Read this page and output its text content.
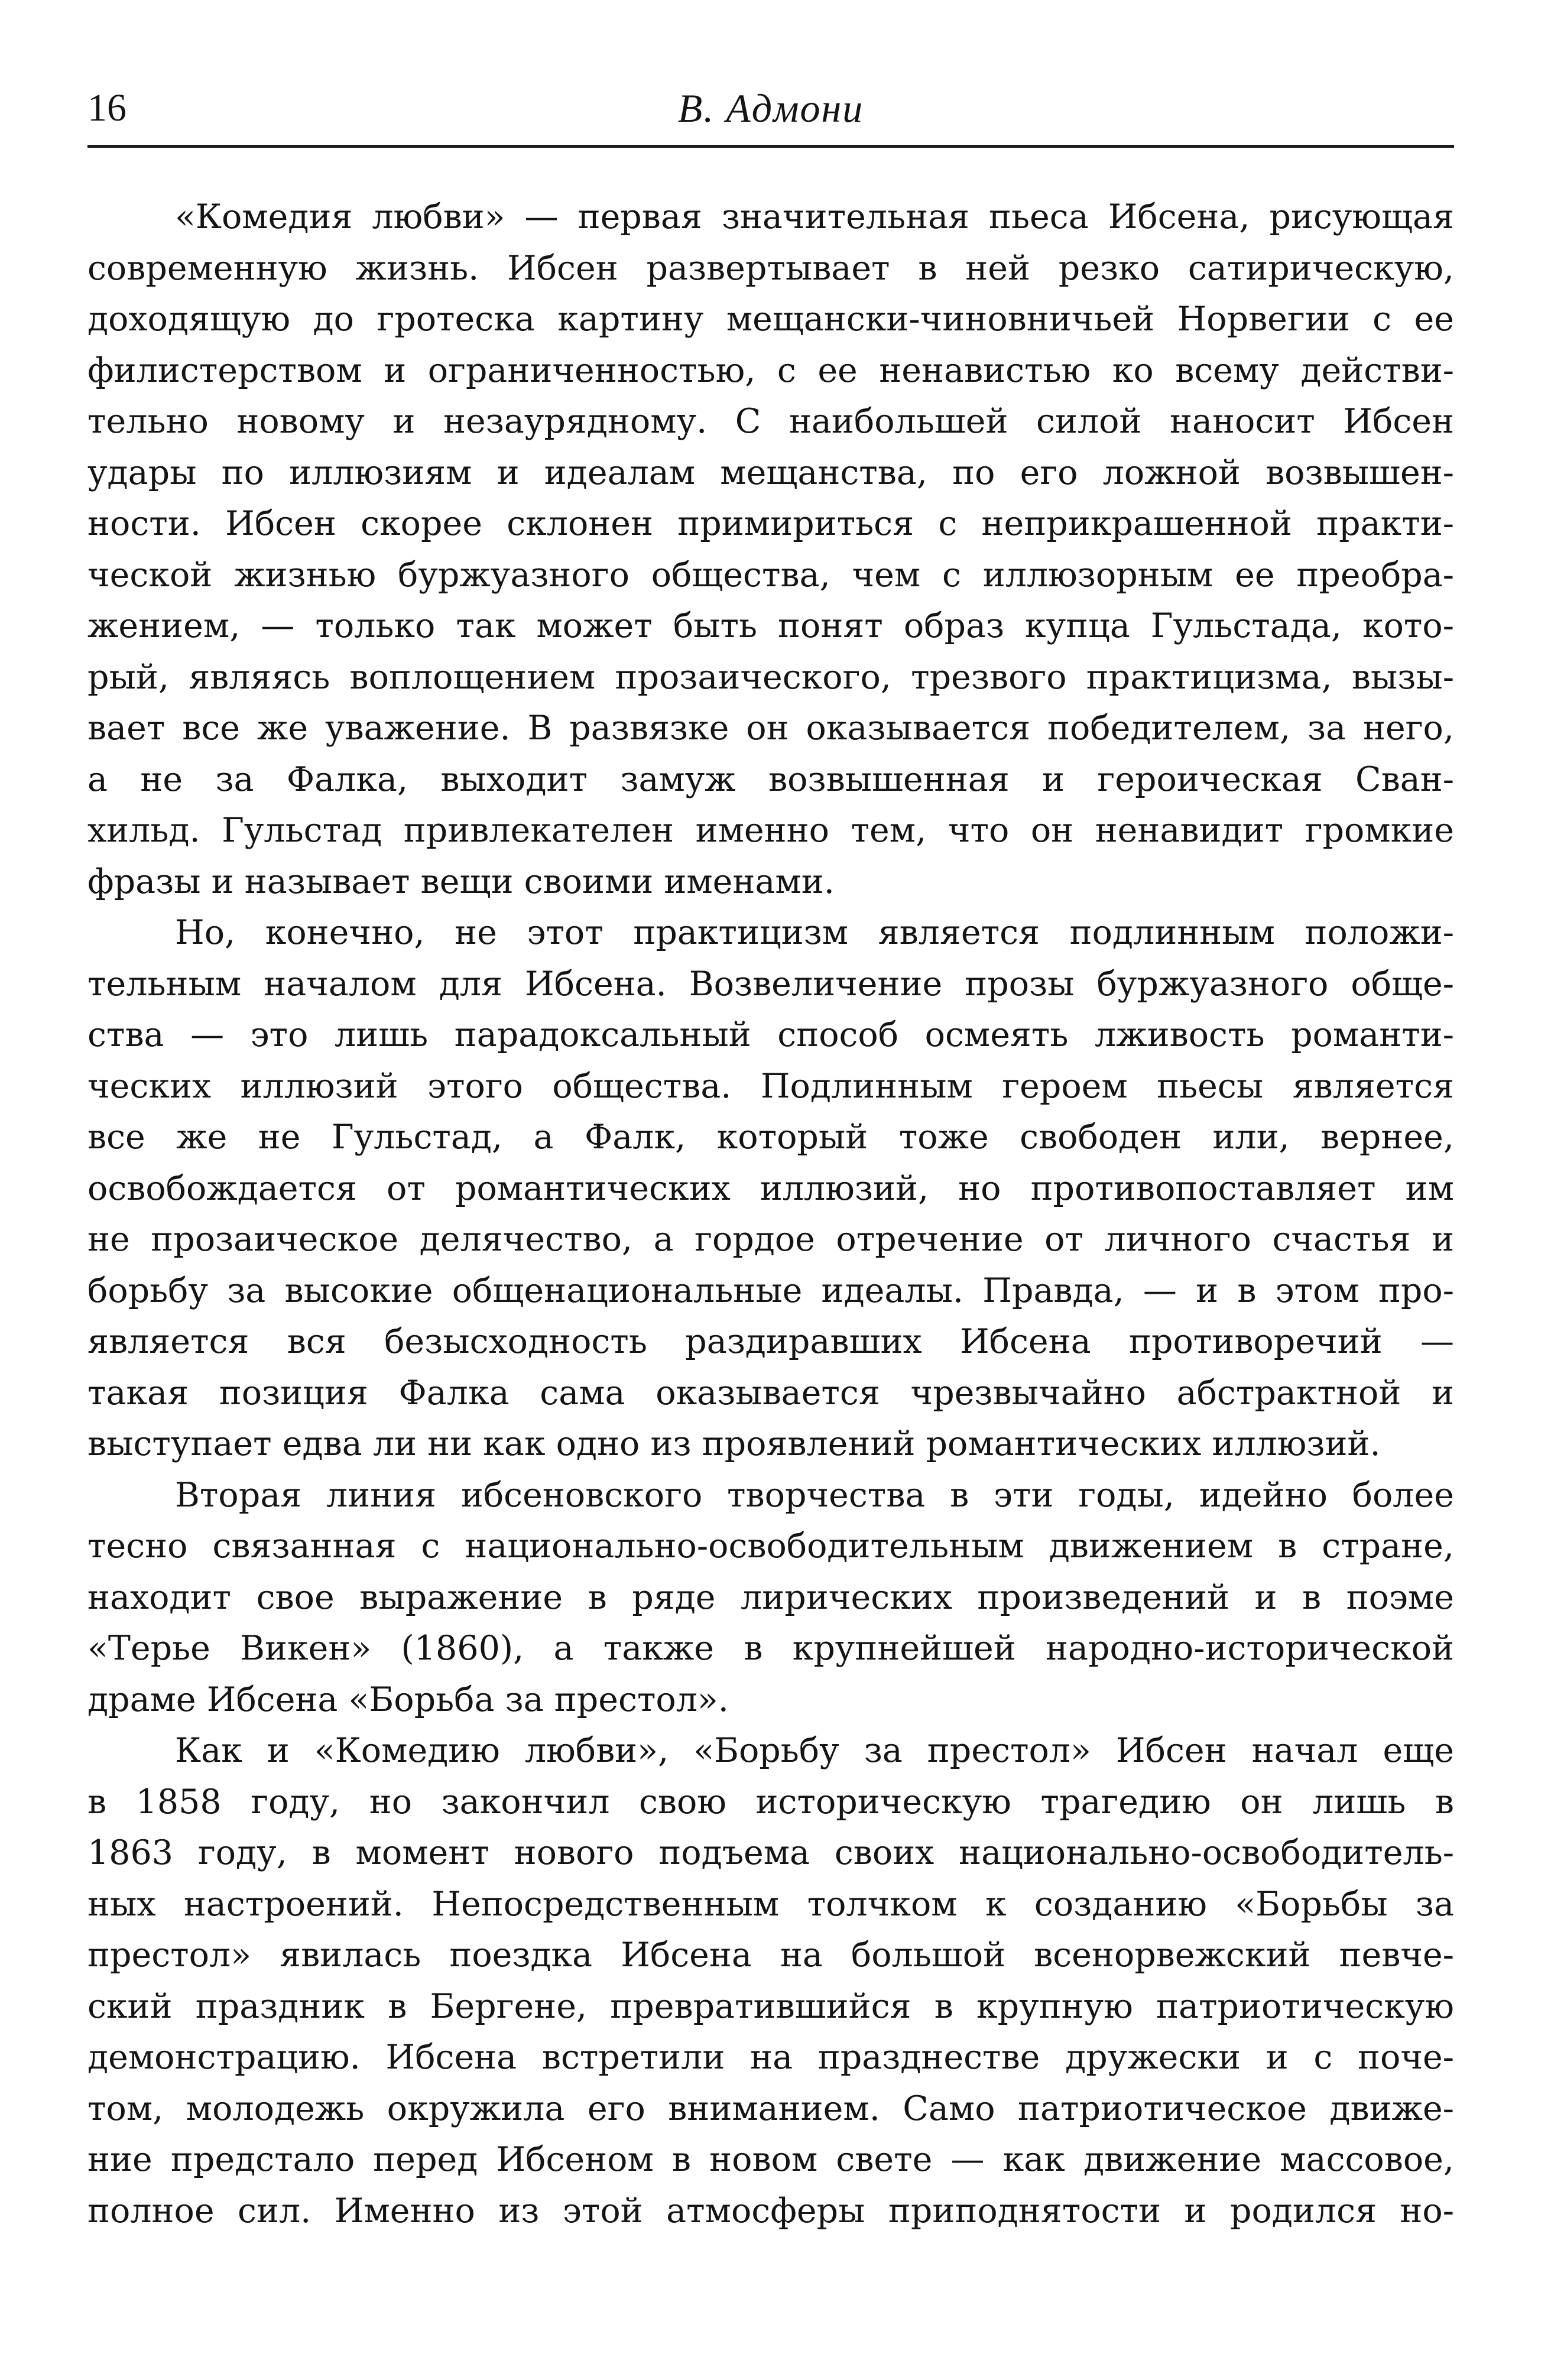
16	В. Адмони
«Комедия любви» — первая значительная пьеса Ибсена, рисующая
современную жизнь. Ибсен развертывает в ней резко сатирическую,
доходящую до гротеска картину мещански-чиновничьей Норвегии с ее
филистерством и ограниченностью, с ее ненавистью ко всему действи-
тельно новому и незаурядному. С наибольшей силой наносит Ибсен
удары по иллюзиям и идеалам мещанства, по его ложной возвышен-
ности. Ибсен скорее склонен примириться с неприкрашенной практи-
ческой жизнью буржуазного общества, чем с иллюзорным ее преобра-
жением, — только так может быть понят образ купца Гульстада, кото-
рый, являясь воплощением прозаического, трезвого практицизма, вызы-
вает все же уважение. В развязке он оказывается победителем, за него,
а не за Фалка, выходит замуж возвышенная и героическая Сван-
хильд. Гульстад привлекателен именно тем, что он ненавидит громкие
фразы и называет вещи своими именами.
Но, конечно, не этот практицизм является подлинным положи-
тельным началом для Ибсена. Возвеличение прозы буржуазного обще-
ства — это лишь парадоксальный способ осмеять лживость романти-
ческих иллюзий этого общества. Подлинным героем пьесы является
все же не Гульстад, а Фалк, который тоже свободен или, вернее,
освобождается от романтических иллюзий, но противопоставляет им
не прозаическое делячество, а гордое отречение от личного счастья и
борьбу за высокие общенациональные идеалы. Правда, — и в этом про-
является вся безысходность раздиравших Ибсена противоречий —
такая позиция Фалка сама оказывается чрезвычайно абстрактной и
выступает едва ли ни как одно из проявлений романтических иллюзий.
Вторая линия ибсеновского творчества в эти годы, идейно более
тесно связанная с национально-освободительным движением в стране,
находит свое выражение в ряде лирических произведений и в поэме
«Терье Викен» (1860), а также в крупнейшей народно-исторической
драме Ибсена «Борьба за престол».
Как и «Комедию любви», «Борьбу за престол» Ибсен начал еще
в 1858 году, но закончил свою историческую трагедию он лишь в
1863 году, в момент нового подъема своих национально-освободитель-
ных настроений. Непосредственным толчком к созданию «Борьбы за
престол» явилась поездка Ибсена на большой всенорвежский певче-
ский праздник в Бергене, превратившийся в крупную патриотическую
демонстрацию. Ибсена встретили на празднестве дружески и с поче-
том, молодежь окружила его вниманием. Само патриотическое движе-
ние предстало перед Ибсеном в новом свете — как движение массовое,
полное сил. Именно из этой атмосферы приподнятости и родился но-
